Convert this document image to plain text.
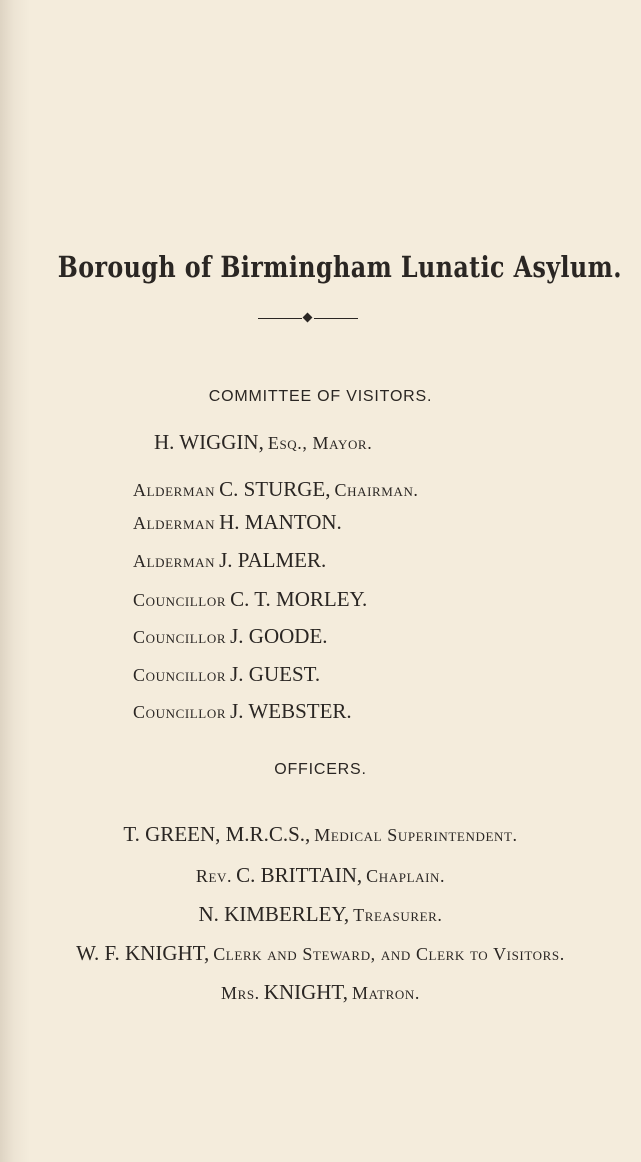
Borough of Birmingham Lunatic Asylum.
COMMITTEE OF VISITORS.
H. WIGGIN, Esq., Mayor.
Alderman C. STURGE, Chairman.
Alderman H. MANTON.
Alderman J. PALMER.
Councillor C. T. MORLEY.
Councillor J. GOODE.
Councillor J. GUEST.
Councillor J. WEBSTER.
OFFICERS.
T. GREEN, M.R.C.S., Medical Superintendent.
Rev. C. BRITTAIN, Chaplain.
N. KIMBERLEY, Treasurer.
W. F. KNIGHT, Clerk and Steward, and Clerk to Visitors.
Mrs. KNIGHT, Matron.
